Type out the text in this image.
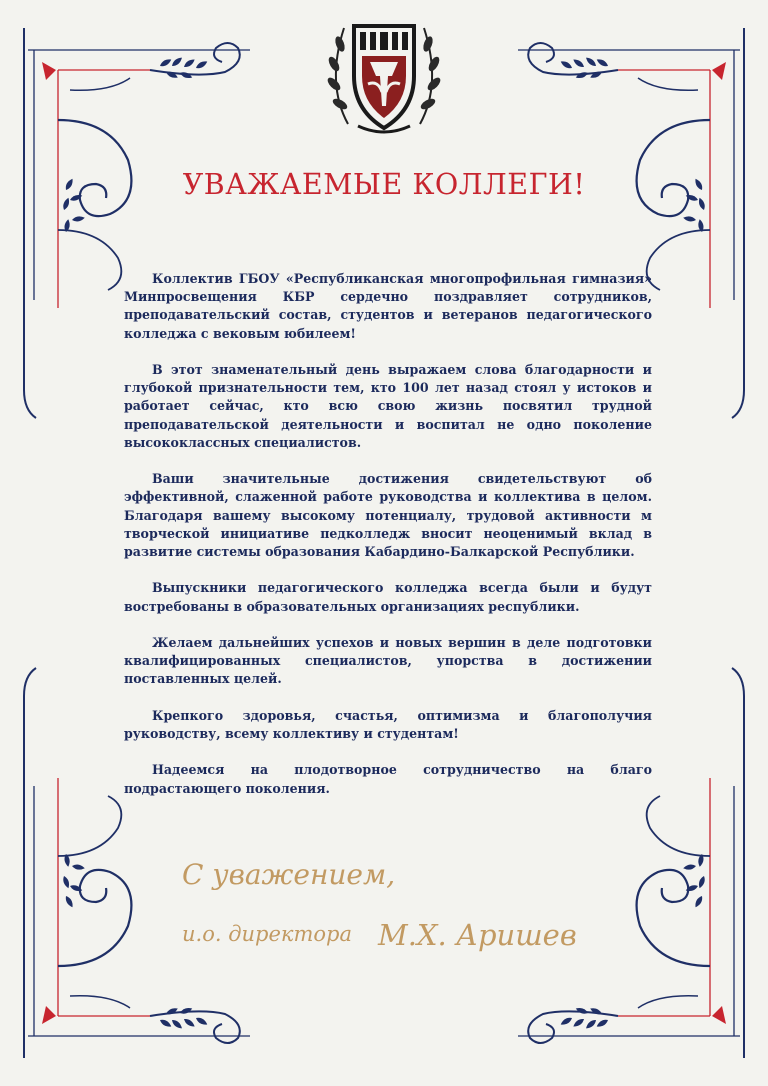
УВАЖАЕМЫЕ КОЛЛЕГИ!

Коллектив ГБОУ «Республиканская многопрофильная гимназия» Минпросвещения КБР сердечно поздравляет сотрудников, преподавательский состав, студентов и ветеранов педагогического колледжа с вековым юбилеем!

В этот знаменательный день выражаем слова благодарности и глубокой признательности тем, кто 100 лет назад стоял у истоков и работает сейчас, кто всю свою жизнь посвятил трудной преподавательской деятельности и воспитал не одно поколение высококлассных специалистов.

Ваши значительные достижения свидетельствуют об эффективной, слаженной работе руководства и коллектива в целом. Благодаря вашему высокому потенциалу, трудовой активности м творческой инициативе педколледж вносит неоценимый вклад в развитие системы образования Кабардино-Балкарской Республики.

Выпускники педагогического колледжа всегда были и будут востребованы в образовательных организациях республики.

Желаем дальнейших успехов и новых вершин в деле подготовки квалифицированных специалистов, упорства в достижении поставленных целей.

Крепкого здоровья, счастья, оптимизма и благополучия руководству, всему коллективу и студентам!

Надеемся на плодотворное сотрудничество на благо подрастающего поколения.

С уважением,
и.о. директора М.Х. Аришев
